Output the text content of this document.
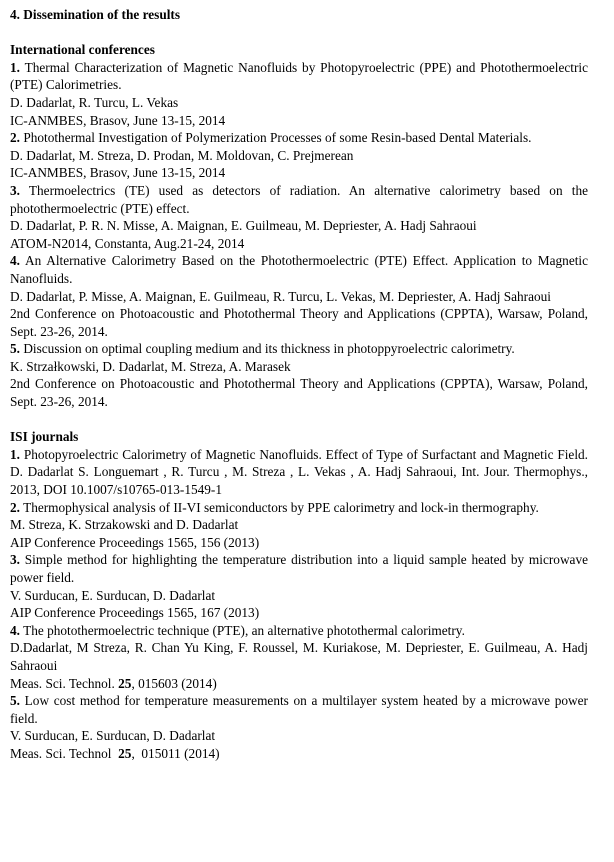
4. Dissemination of the results

International conferences

1. Thermal Characterization of Magnetic Nanofluids by Photopyroelectric (PPE) and Photothermoelectric (PTE) Calorimetries.

D. Dadarlat, R. Turcu, L. Vekas

IC-ANMBES, Brasov, June 13-15, 2014

2. Photothermal Investigation of Polymerization Processes of some Resin-based Dental Materials.

D. Dadarlat, M. Streza, D. Prodan, M. Moldovan, C. Prejmerean

IC-ANMBES, Brasov, June 13-15, 2014

3. Thermoelectrics (TE) used as detectors of radiation. An alternative calorimetry based on the photothermoelectric (PTE) effect.

D. Dadarlat, P. R. N. Misse, A. Maignan, E. Guilmeau, M. Depriester, A. Hadj Sahraoui

ATOM-N2014, Constanta, Aug.21-24, 2014

4. An Alternative Calorimetry Based on the Photothermoelectric (PTE) Effect. Application to Magnetic Nanofluids.

D. Dadarlat, P. Misse, A. Maignan, E. Guilmeau, R. Turcu, L. Vekas, M. Depriester, A. Hadj Sahraoui

2nd Conference on Photoacoustic and Photothermal Theory and Applications (CPPTA), Warsaw, Poland, Sept. 23-26, 2014.

5. Discussion on optimal coupling medium and its thickness in photoppyroelectric calorimetry.

K. Strzałkowski, D. Dadarlat, M. Streza, A. Marasek

2nd Conference on Photoacoustic and Photothermal Theory and Applications (CPPTA), Warsaw, Poland, Sept. 23-26, 2014.

ISI journals

1. Photopyroelectric Calorimetry of Magnetic Nanofluids. Effect of Type of Surfactant and Magnetic Field.

D. Dadarlat S. Longuemart , R. Turcu , M. Streza , L. Vekas , A. Hadj Sahraoui, Int. Jour. Thermophys., 2013, DOI 10.1007/s10765-013-1549-1

2. Thermophysical analysis of II-VI semiconductors by PPE calorimetry and lock-in thermography.

M. Streza, K. Strzakowski and D. Dadarlat

AIP Conference Proceedings 1565, 156 (2013)

3. Simple method for highlighting the temperature distribution into a liquid sample heated by microwave power field.

V. Surducan, E. Surducan, D. Dadarlat

AIP Conference Proceedings 1565, 167 (2013)

4. The photothermoelectric technique (PTE), an alternative photothermal calorimetry.

D.Dadarlat, M Streza, R. Chan Yu King, F. Roussel, M. Kuriakose, M. Depriester, E. Guilmeau, A. Hadj Sahraoui

Meas. Sci. Technol. 25, 015603 (2014)

5. Low cost method for temperature measurements on a multilayer system heated by a microwave power field.

V. Surducan, E. Surducan, D. Dadarlat

Meas. Sci. Technol  25,  015011 (2014)
